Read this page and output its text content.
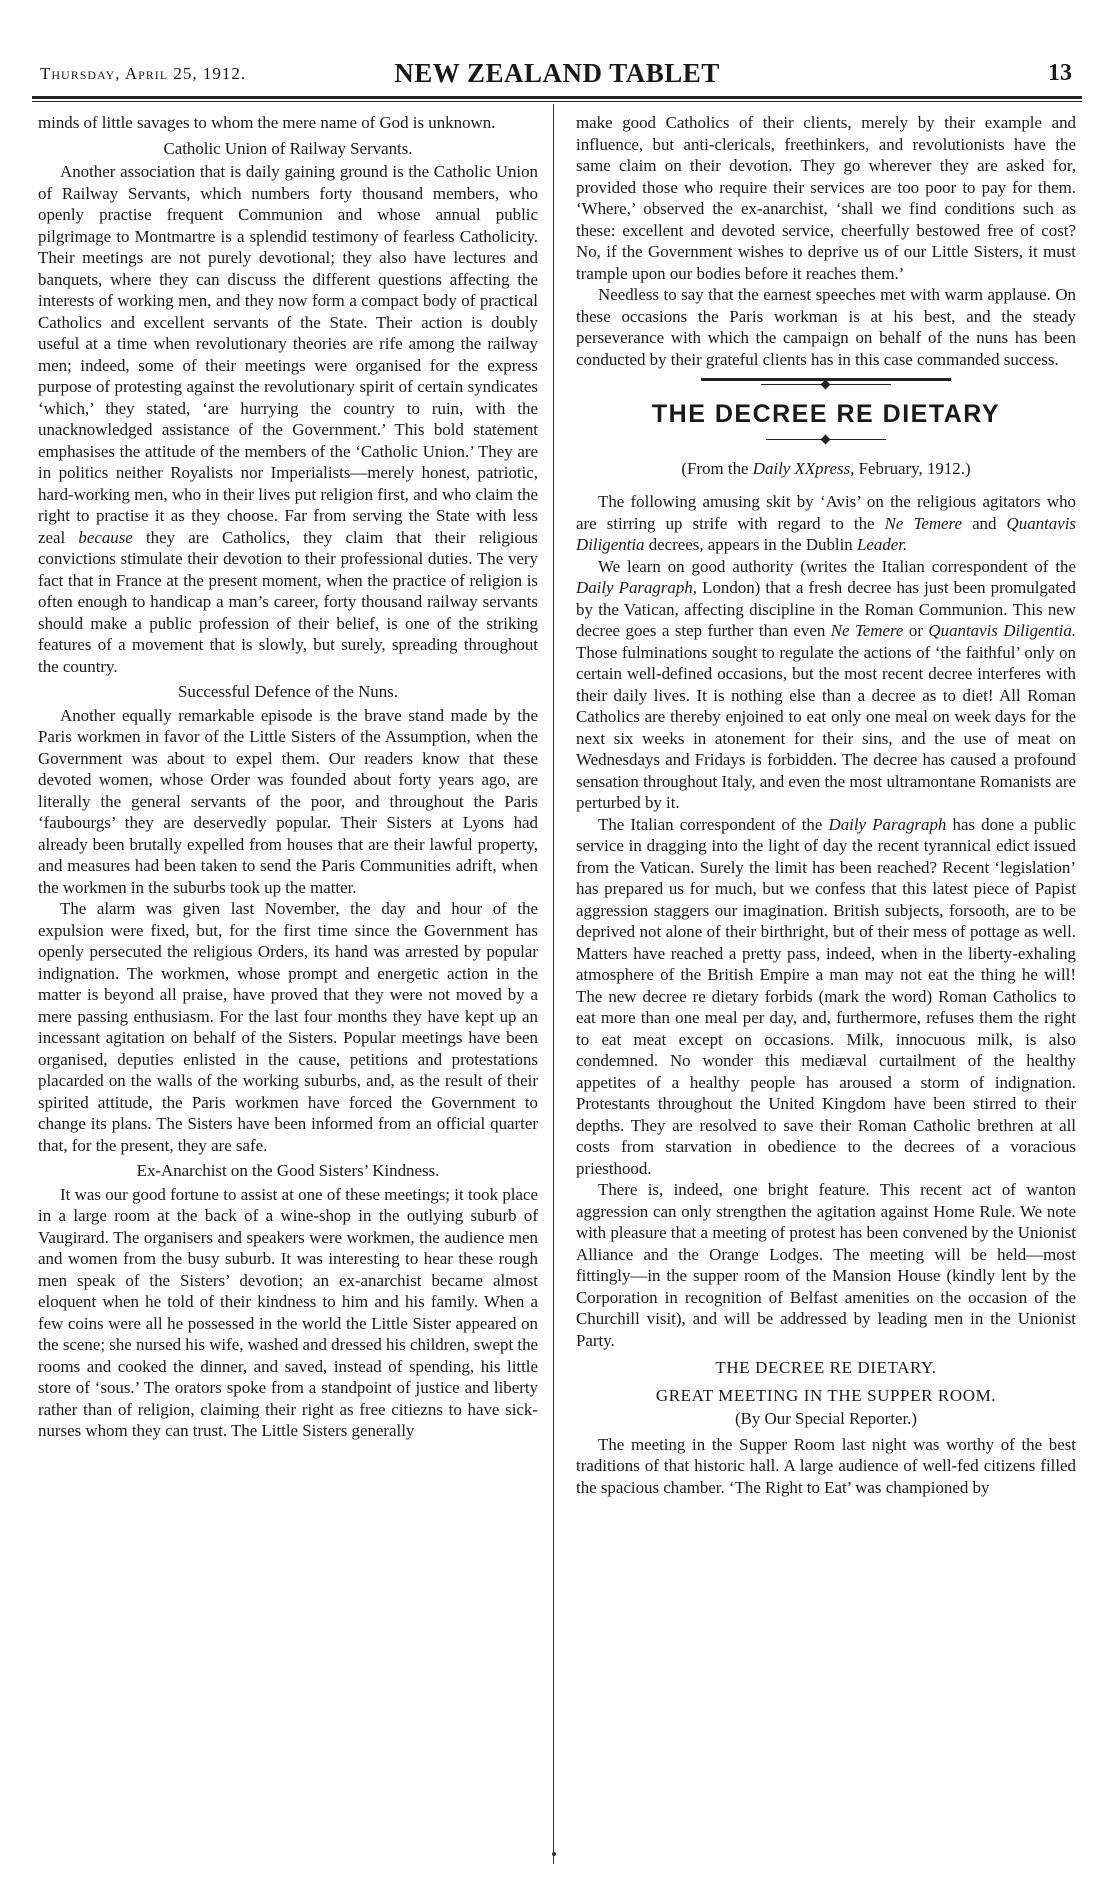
Thursday, April 25, 1912.	NEW ZEALAND TABLET	13

minds of little savages to whom the mere name of God is unknown.

Catholic Union of Railway Servants.

Another association that is daily gaining ground is the Catholic Union of Railway Servants, which numbers forty thousand members, who openly practise frequent Communion and whose annual public pilgrimage to Montmartre is a splendid testimony of fearless Catholicity. Their meetings are not purely devotional; they also have lectures and banquets, where they can discuss the different questions affecting the interests of working men, and they now form a compact body of practical Catholics and excellent servants of the State. Their action is doubly useful at a time when revolutionary theories are rife among the railway men; indeed, some of their meetings were organised for the express purpose of protesting against the revolutionary spirit of certain syndicates ‘which,’ they stated, ‘are hurrying the country to ruin, with the unacknowledged assistance of the Government.’ This bold statement emphasises the attitude of the members of the ‘Catholic Union.’ They are in politics neither Royalists nor Imperialists—merely honest, patriotic, hard-working men, who in their lives put religion first, and who claim the right to practise it as they choose. Far from serving the State with less zeal because they are Catholics, they claim that their religious convictions stimulate their devotion to their professional duties. The very fact that in France at the present moment, when the practice of religion is often enough to handicap a man’s career, forty thousand railway servants should make a public profession of their belief, is one of the striking features of a movement that is slowly, but surely, spreading throughout the country.

Successful Defence of the Nuns.

Another equally remarkable episode is the brave stand made by the Paris workmen in favor of the Little Sisters of the Assumption, when the Government was about to expel them. Our readers know that these devoted women, whose Order was founded about forty years ago, are literally the general servants of the poor, and throughout the Paris ‘faubourgs’ they are deservedly popular. Their Sisters at Lyons had already been brutally expelled from houses that are their lawful property, and measures had been taken to send the Paris Communities adrift, when the workmen in the suburbs took up the matter.

The alarm was given last November, the day and hour of the expulsion were fixed, but, for the first time since the Government has openly persecuted the religious Orders, its hand was arrested by popular indignation. The workmen, whose prompt and energetic action in the matter is beyond all praise, have proved that they were not moved by a mere passing enthusiasm. For the last four months they have kept up an incessant agitation on behalf of the Sisters. Popular meetings have been organised, deputies enlisted in the cause, petitions and protestations placarded on the walls of the working suburbs, and, as the result of their spirited attitude, the Paris workmen have forced the Government to change its plans. The Sisters have been informed from an official quarter that, for the present, they are safe.

Ex-Anarchist on the Good Sisters’ Kindness.

It was our good fortune to assist at one of these meetings; it took place in a large room at the back of a wine-shop in the outlying suburb of Vaugirard. The organisers and speakers were workmen, the audience men and women from the busy suburb. It was interesting to hear these rough men speak of the Sisters’ devotion; an ex-anarchist became almost eloquent when he told of their kindness to him and his family. When a few coins were all he possessed in the world the Little Sister appeared on the scene; she nursed his wife, washed and dressed his children, swept the rooms and cooked the dinner, and saved, instead of spending, his little store of ‘sous.’ The orators spoke from a standpoint of justice and liberty rather than of religion, claiming their right as free citiezns to have sick-nurses whom they can trust. The Little Sisters generally

make good Catholics of their clients, merely by their example and influence, but anti-clericals, freethinkers, and revolutionists have the same claim on their devotion. They go wherever they are asked for, provided those who require their services are too poor to pay for them. ‘Where,’ observed the ex-anarchist, ‘shall we find conditions such as these: excellent and devoted service, cheerfully bestowed free of cost? No, if the Government wishes to deprive us of our Little Sisters, it must trample upon our bodies before it reaches them.’

Needless to say that the earnest speeches met with warm applause. On these occasions the Paris workman is at his best, and the steady perseverance with which the campaign on behalf of the nuns has been conducted by their grateful clients has in this case commanded success.

THE DECREE RE DIETARY
(From the Daily XXpress, February, 1912.)

The following amusing skit by ‘Avis’ on the religious agitators who are stirring up strife with regard to the Ne Temere and Quantavis Diligentia decrees, appears in the Dublin Leader.

We learn on good authority (writes the Italian correspondent of the Daily Paragraph, London) that a fresh decree has just been promulgated by the Vatican, affecting discipline in the Roman Communion. This new decree goes a step further than even Ne Temere or Quantavis Diligentia. Those fulminations sought to regulate the actions of ‘the faithful’ only on certain well-defined occasions, but the most recent decree interferes with their daily lives. It is nothing else than a decree as to diet! All Roman Catholics are thereby enjoined to eat only one meal on week days for the next six weeks in atonement for their sins, and the use of meat on Wednesdays and Fridays is forbidden. The decree has caused a profound sensation throughout Italy, and even the most ultramontane Romanists are perturbed by it.

The Italian correspondent of the Daily Paragraph has done a public service in dragging into the light of day the recent tyrannical edict issued from the Vatican. Surely the limit has been reached? Recent ‘legislation’ has prepared us for much, but we confess that this latest piece of Papist aggression staggers our imagination. British subjects, forsooth, are to be deprived not alone of their birthright, but of their mess of pottage as well. Matters have reached a pretty pass, indeed, when in the liberty-exhaling atmosphere of the British Empire a man may not eat the thing he will! The new decree re dietary forbids (mark the word) Roman Catholics to eat more than one meal per day, and, furthermore, refuses them the right to eat meat except on occasions. Milk, innocuous milk, is also condemned. No wonder this mediæval curtailment of the healthy appetites of a healthy people has aroused a storm of indignation. Protestants throughout the United Kingdom have been stirred to their depths. They are resolved to save their Roman Catholic brethren at all costs from starvation in obedience to the decrees of a voracious priesthood.

There is, indeed, one bright feature. This recent act of wanton aggression can only strengthen the agitation against Home Rule. We note with pleasure that a meeting of protest has been convened by the Unionist Alliance and the Orange Lodges. The meeting will be held—most fittingly—in the supper room of the Mansion House (kindly lent by the Corporation in recognition of Belfast amenities on the occasion of the Churchill visit), and will be addressed by leading men in the Unionist Party.

THE DECREE RE DIETARY.
GREAT MEETING IN THE SUPPER ROOM.
(By Our Special Reporter.)

The meeting in the Supper Room last night was worthy of the best traditions of that historic hall. A large audience of well-fed citizens filled the spacious chamber. ‘The Right to Eat’ was championed by
